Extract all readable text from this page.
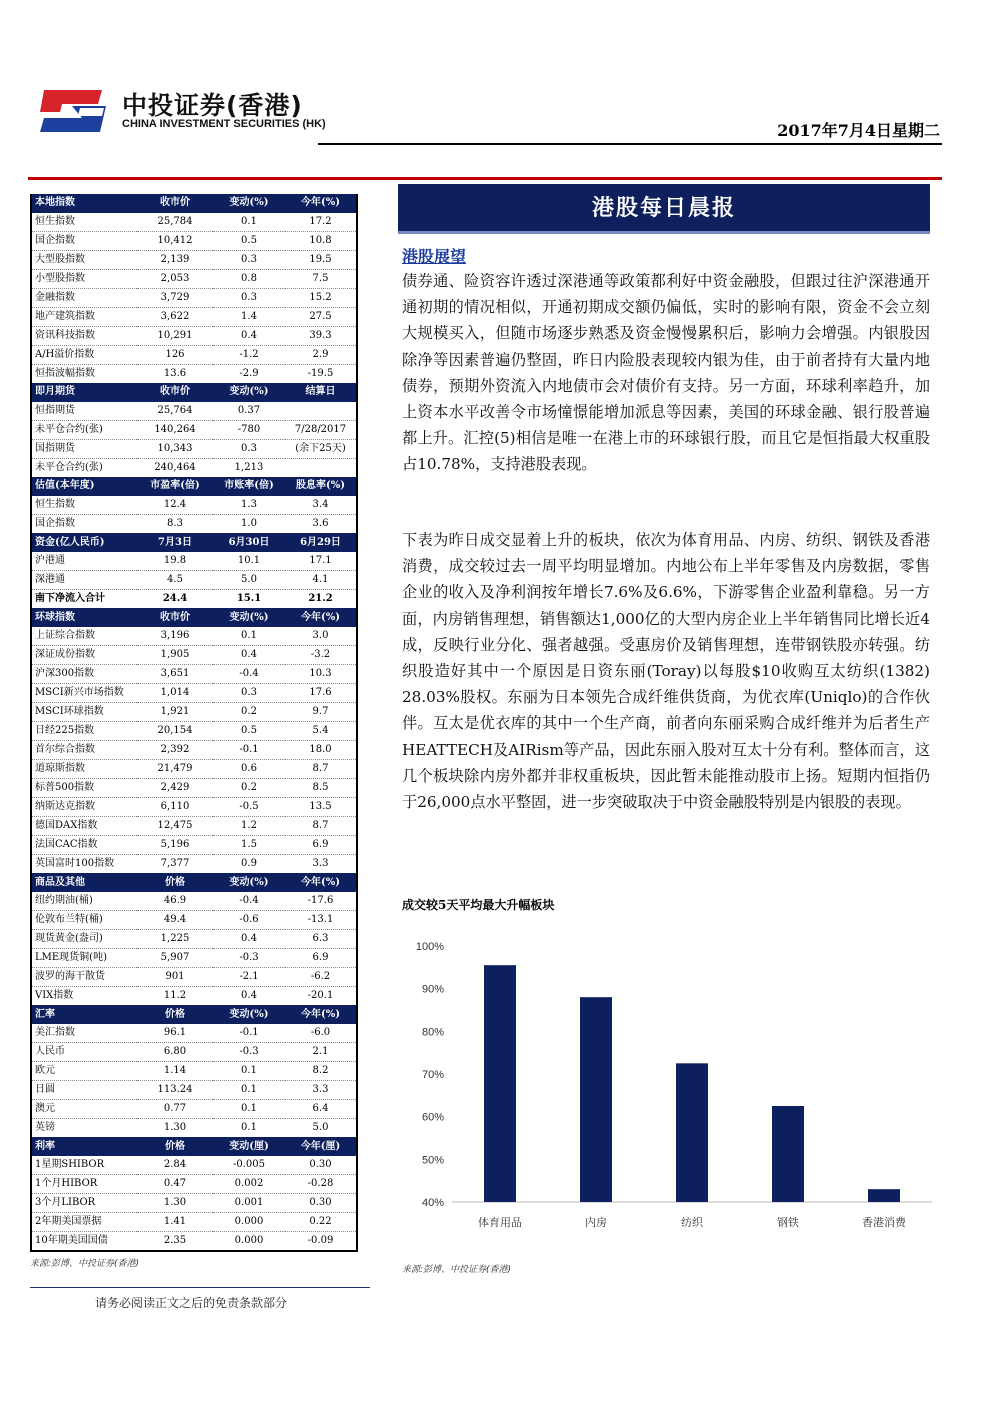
中投证券(香港)
CHINA INVESTMENT SECURITIES (HK)	2017年7月4日星期二
本地指数	收市价	变动(%)	今年(%)
恒生指数	25,784	0.1	17.2
国企指数	10,412	0.5	10.8
大型股指数	2,139	0.3	19.5
小型股指数	2,053	0.8	7.5
金融指数	3,729	0.3	15.2
地产建筑指数	3,622	1.4	27.5
资讯科技指数	10,291	0.4	39.3
A/H溢价指数	126	-1.2	2.9
恒指波幅指数	13.6	-2.9	-19.5
即月期货	收市价	变动(%)	结算日
恒指期货	25,764	0.37	
未平仓合约(张)	140,264	-780	7/28/2017
国指期货	10,343	0.3	(余下25天)
未平仓合约(张)	240,464	1,213	
估值(本年度)	市盈率(倍)	市账率(倍)	股息率(%)
恒生指数	12.4	1.3	3.4
国企指数	8.3	1.0	3.6
资金(亿人民币)	7月3日	6月30日	6月29日
沪港通	19.8	10.1	17.1
深港通	4.5	5.0	4.1
南下净流入合计	24.4	15.1	21.2
环球指数	收市价	变动(%)	今年(%)
上证综合指数	3,196	0.1	3.0
深证成份指数	1,905	0.4	-3.2
沪深300指数	3,651	-0.4	10.3
MSCI新兴市场指数	1,014	0.3	17.6
MSCI环球指数	1,921	0.2	9.7
日经225指数	20,154	0.5	5.4
首尔综合指数	2,392	-0.1	18.0
道琼斯指数	21,479	0.6	8.7
标普500指数	2,429	0.2	8.5
纳斯达克指数	6,110	-0.5	13.5
德国DAX指数	12,475	1.2	8.7
法国CAC指数	5,196	1.5	6.9
英国富时100指数	7,377	0.9	3.3
商品及其他	价格	变动(%)	今年(%)
纽约期油(桶)	46.9	-0.4	-17.6
伦敦布兰特(桶)	49.4	-0.6	-13.1
现货黄金(盎司)	1,225	0.4	6.3
LME现货铜(吨)	5,907	-0.3	6.9
波罗的海干散货	901	-2.1	-6.2
VIX指数	11.2	0.4	-20.1
汇率	价格	变动(%)	今年(%)
美汇指数	96.1	-0.1	-6.0
人民币	6.80	-0.3	2.1
欧元	1.14	0.1	8.2
日圆	113.24	0.1	3.3
澳元	0.77	0.1	6.4
英镑	1.30	0.1	5.0
利率	价格	变动(厘)	今年(厘)
1星期SHIBOR	2.84	-0.005	0.30
1个月HIBOR	0.47	0.002	-0.28
3个月LIBOR	1.30	0.001	0.30
2年期美国票据	1.41	0.000	0.22
10年期美国国债	2.35	0.000	-0.09
来源:彭博、中投证券(香港)
请务必阅读正文之后的免责条款部分
港股每日晨报
港股展望
债券通、险资容许透过深港通等政策都利好中资金融股，但跟过往沪深港通开通初期的情况相似，开通初期成交额仍偏低，实时的影响有限，资金不会立刻大规模买入，但随市场逐步熟悉及资金慢慢累积后，影响力会增强。内银股因除净等因素普遍仍整固，昨日内险股表现较内银为佳，由于前者持有大量内地债券，预期外资流入内地债市会对债价有支持。另一方面，环球利率趋升，加上资本水平改善令市场憧憬能增加派息等因素，美国的环球金融、银行股普遍都上升。汇控(5)相信是唯一在港上市的环球银行股，而且它是恒指最大权重股占10.78%，支持港股表现。
下表为昨日成交显着上升的板块，依次为体育用品、内房、纺织、钢铁及香港消费，成交较过去一周平均明显增加。内地公布上半年零售及内房数据，零售企业的收入及净利润按年增长7.6%及6.6%，下游零售企业盈利靠稳。另一方面，内房销售理想，销售额达1,000亿的大型内房企业上半年销售同比增长近4成，反映行业分化、强者越强。受惠房价及销售理想，连带钢铁股亦转强。纺织股造好其中一个原因是日资东丽(Toray)以每股$10收购互太纺织(1382) 28.03%股权。东丽为日本领先合成纤维供货商，为优衣库(Uniqlo)的合作伙伴。互太是优衣库的其中一个生产商，前者向东丽采购合成纤维并为后者生产HEATTECH及AIRism等产品，因此东丽入股对互太十分有利。整体而言，这几个板块除内房外都并非权重板块，因此暂未能推动股市上扬。短期内恒指仍于26,000点水平整固，进一步突破取决于中资金融股特别是内银股的表现。
成交较5天平均最大升幅板块
40%
50%
60%
70%
80%
90%
100%
体育用品	内房	纺织	钢铁	香港消费
来源:彭博、中投证券(香港)
